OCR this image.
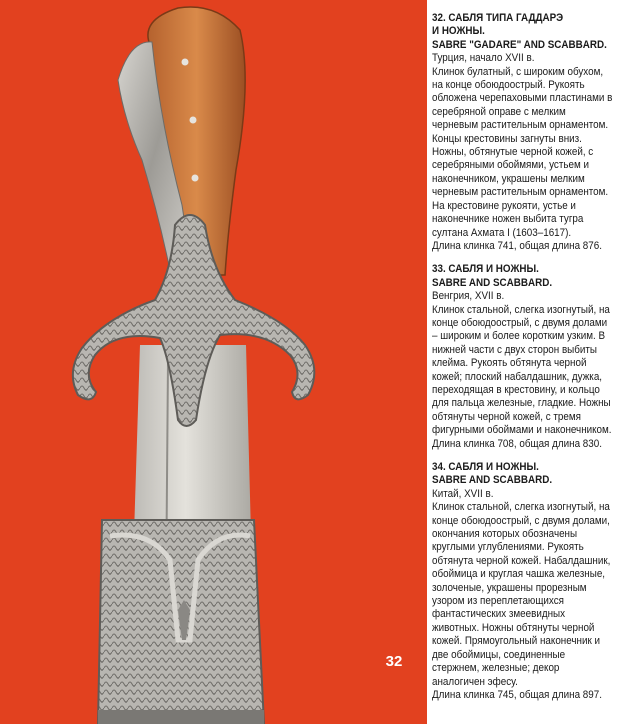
32
32. САБЛЯ ТИПА ГАДДАРЭ
И НОЖНЫ.
SABRE "GADARE" AND SCABBARD.

Турция, начало XVII в.

Клинок булатный, с широким обухом, на конце обоюдоострый. Рукоять облoжена черепаховыми пластинами в серебряной оправе с мелким черневым растительным орнаментом. Концы крестовины загнуты вниз. Ножны, обтянутые черной кожей, с серебряными обоймями, устьем и наконечником, украшены мелким черневым растительным орнаментом. На крестовине рукояти, устье и наконечнике ножен выбита тугра султана Ахмата I (1603–1617).

Длина клинка 741, общая длина 876.

33. САБЛЯ И НОЖНЫ.
SABRE AND SCABBARD.

Венгрия, XVII в.

Клинок стальной, слегка изогнутый, на конце обоюдоострый, с двумя долами – широким и более коротким узким. В нижней части с двух сторон выбиты клейма. Рукоять обтянута черной кожей; плоский набалдашник, дужка, переходящая в крестовину, и кольцо для пальца железные, гладкие. Ножны обтянуты черной кожей, с тремя фигурными обоймами и наконечником.

Длина клинка 708, общая длина 830.

34. САБЛЯ И НОЖНЫ.
SABRE AND SCABBARD.

Китай, XVII в.

Клинок стальной, слегка изогнутый, на конце обоюдоострый, с двумя долами, окончания которых обозначены круглыми углублениями. Рукоять обтянута черной кожей. Набалдашник, обоймица и круглая чашка железные, золоченые, украшены прорезным узором из переплетающихся фантастических змеевидных животных. Ножны обтянуты черной кожей. Прямоугольный наконечник и две обоймицы, соединенные стержнем, железные; декор аналогичен эфесу.

Длина клинка 745, общая длина 897.
